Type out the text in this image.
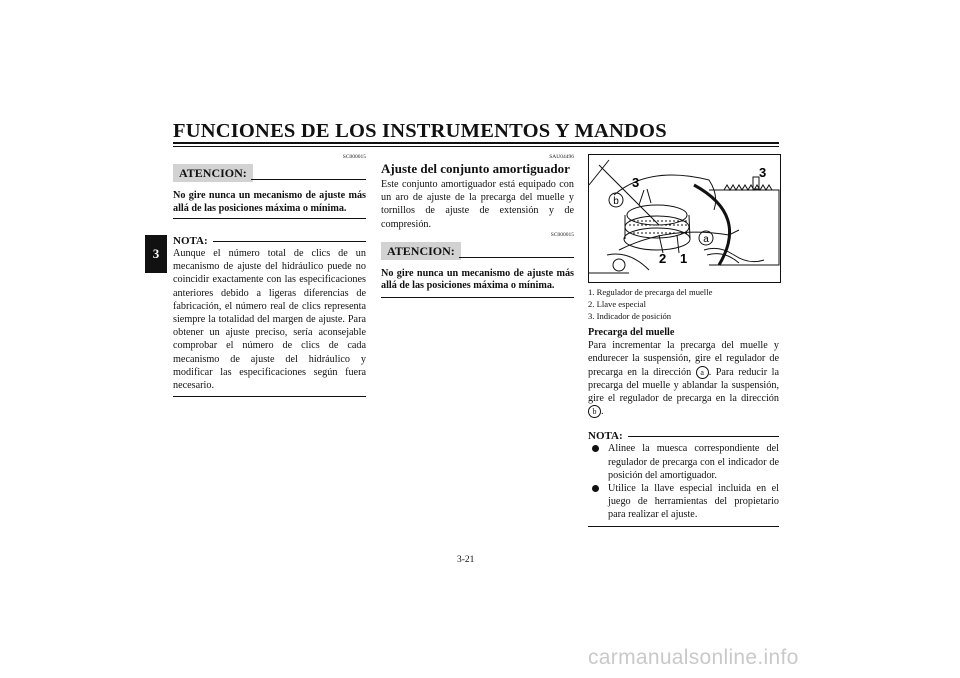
FUNCIONES DE LOS INSTRUMENTOS Y MANDOS
3
SC000015
ATENCION:
No gire nunca un mecanismo de ajuste más allá de las posiciones máxima o mínima.
NOTA:
Aunque el número total de clics de un mecanismo de ajuste del hidráulico puede no coincidir exactamente con las especificaciones anteriores debido a ligeras diferencias de fabricación, el número real de clics representa siempre la totalidad del margen de ajuste. Para obtener un ajuste preciso, sería aconsejable comprobar el número de clics de cada mecanismo de ajuste del hidráulico y modificar las especificaciones según fuera necesario.
SAU04496
Ajuste del conjunto amortiguador
Este conjunto amortiguador está equipado con un aro de ajuste de la precarga del muelle y tornillos de ajuste de extensión y de compresión.
SC000015
ATENCION:
No gire nunca un mecanismo de ajuste más allá de las posiciones máxima o mínima.
b
a
3
3
2 1
1. Regulador de precarga del muelle
2. Llave especial
3. Indicador de posición
Precarga del muelle
Para incrementar la precarga del muelle y endurecer la suspensión, gire el regulador de precarga en la dirección a . Para reducir la precarga del muelle y ablandar la suspensión, gire el regulador de precarga en la dirección b .
NOTA:
Alinee la muesca correspondiente del regulador de precarga con el indicador de posición del amortiguador.
Utilice la llave especial incluida en el juego de herramientas del propietario para realizar el ajuste.
3-21
carmanualsonline.info
